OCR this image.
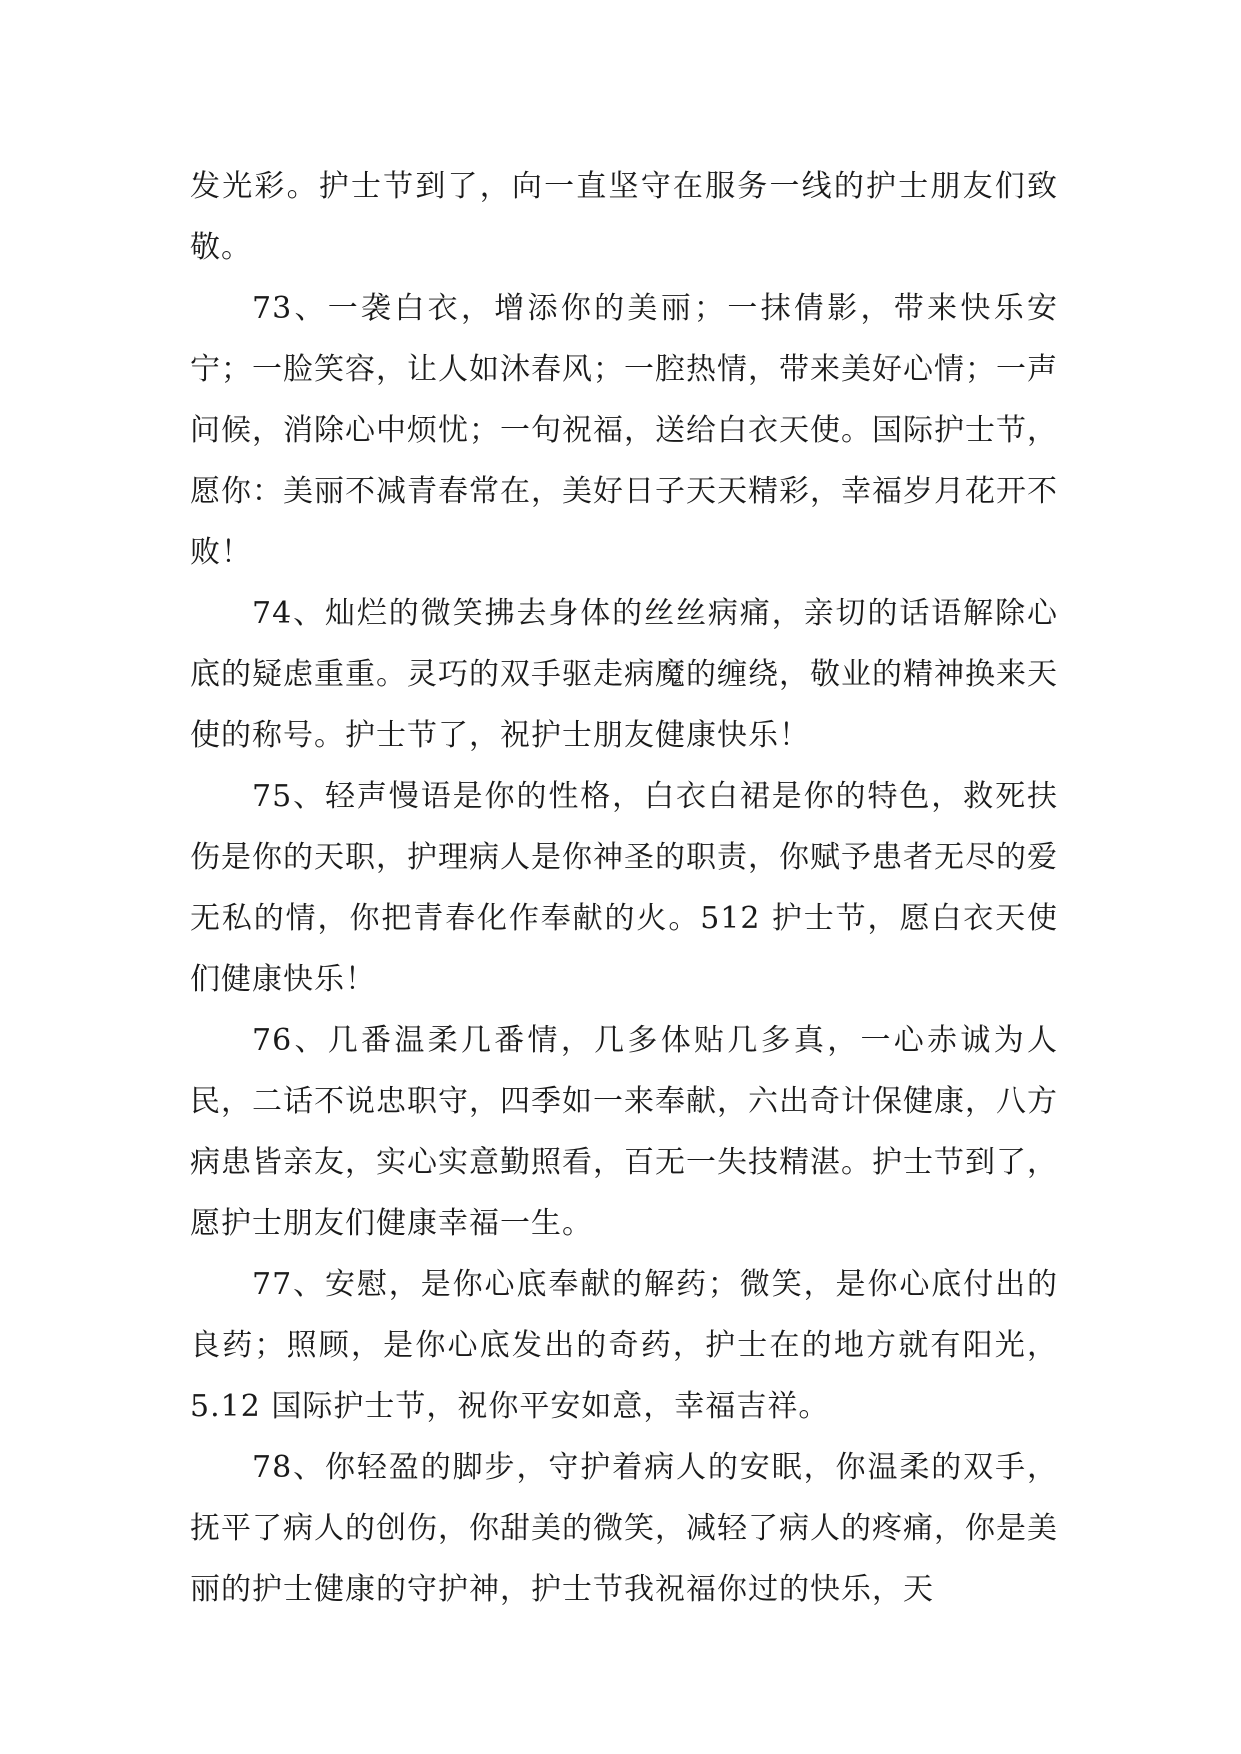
发光彩。护士节到了，向一直坚守在服务一线的护士朋友们致敬。

73、一袭白衣，增添你的美丽；一抹倩影，带来快乐安宁；一脸笑容，让人如沐春风；一腔热情，带来美好心情；一声问候，消除心中烦忧；一句祝福，送给白衣天使。国际护士节，愿你：美丽不减青春常在，美好日子天天精彩，幸福岁月花开不败！

74、灿烂的微笑拂去身体的丝丝病痛，亲切的话语解除心底的疑虑重重。灵巧的双手驱走病魔的缠绕，敬业的精神换来天使的称号。护士节了，祝护士朋友健康快乐！

75、轻声慢语是你的性格，白衣白裙是你的特色，救死扶伤是你的天职，护理病人是你神圣的职责，你赋予患者无尽的爱无私的情，你把青春化作奉献的火。512 护士节，愿白衣天使们健康快乐！

76、几番温柔几番情，几多体贴几多真，一心赤诚为人民，二话不说忠职守，四季如一来奉献，六出奇计保健康，八方病患皆亲友，实心实意勤照看，百无一失技精湛。护士节到了，愿护士朋友们健康幸福一生。

77、安慰，是你心底奉献的解药；微笑，是你心底付出的良药；照顾，是你心底发出的奇药，护士在的地方就有阳光，5.12 国际护士节，祝你平安如意，幸福吉祥。

78、你轻盈的脚步，守护着病人的安眠，你温柔的双手，抚平了病人的创伤，你甜美的微笑，减轻了病人的疼痛，你是美丽的护士健康的守护神，护士节我祝福你过的快乐，天
